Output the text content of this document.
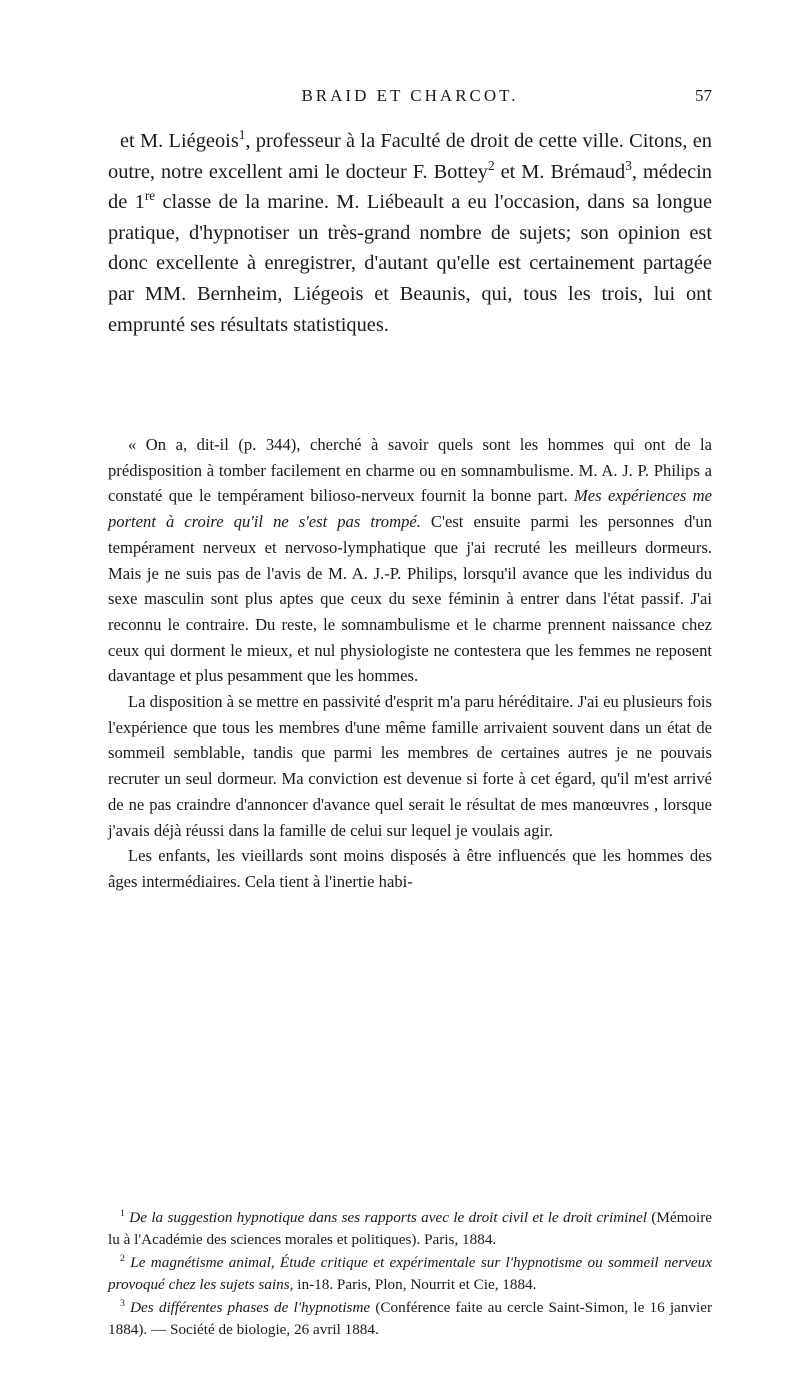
BRAID ET CHARCOT.	57

et M. Liégeois$^1$, professeur à la Faculté de droit de cette ville. Citons, en outre, notre excellent ami le docteur F. Bottey$^2$ et M. Brémaud$^3$, médecin de 1re classe de la marine. M. Liébeault a eu l'occasion, dans sa longue pratique, d'hypnotiser un très-grand nombre de sujets; son opinion est donc excellente à enregistrer, d'autant qu'elle est certainement partagée par MM. Bernheim, Liégeois et Beaunis, qui, tous les trois, lui ont emprunté ses résultats statistiques.

« On a, dit-il (p. 344), cherché à savoir quels sont les hommes qui ont de la prédisposition à tomber facilement en charme ou en somnambulisme. M. A. J. P. Philips a constaté que le tempérament bilioso-nerveux fournit la bonne part. Mes expériences me portent à croire qu'il ne s'est pas trompé. C'est ensuite parmi les personnes d'un tempérament nerveux et nervoso-lymphatique que j'ai recruté les meilleurs dormeurs. Mais je ne suis pas de l'avis de M. A. J.-P. Philips, lorsqu'il avance que les individus du sexe masculin sont plus aptes que ceux du sexe féminin à entrer dans l'état passif. J'ai reconnu le contraire. Du reste, le somnambulisme et le charme prennent naissance chez ceux qui dorment le mieux, et nul physiologiste ne contestera que les femmes ne reposent davantage et plus pesamment que les hommes.

La disposition à se mettre en passivité d'esprit m'a paru héréditaire. J'ai eu plusieurs fois l'expérience que tous les membres d'une même famille arrivaient souvent dans un état de sommeil semblable, tandis que parmi les membres de certaines autres je ne pouvais recruter un seul dormeur. Ma conviction est devenue si forte à cet égard, qu'il m'est arrivé de ne pas craindre d'annoncer d'avance quel serait le résultat de mes manœuvres , lorsque j'avais déjà réussi dans la famille de celui sur lequel je voulais agir.

Les enfants, les vieillards sont moins disposés à être influencés que les hommes des âges intermédiaires. Cela tient à l'inertie habi-

$^1$ De la suggestion hypnotique dans ses rapports avec le droit civil et le droit criminel (Mémoire lu à l'Académie des sciences morales et politiques). Paris, 1884.

$^2$ Le magnétisme animal, Étude critique et expérimentale sur l'hypnotisme ou sommeil nerveux provoqué chez les sujets sains, in-18. Paris, Plon, Nourrit et Cie, 1884.

$^3$ Des différentes phases de l'hypnotisme (Conférence faite au cercle Saint-Simon, le 16 janvier 1884). — Société de biologie, 26 avril 1884.
